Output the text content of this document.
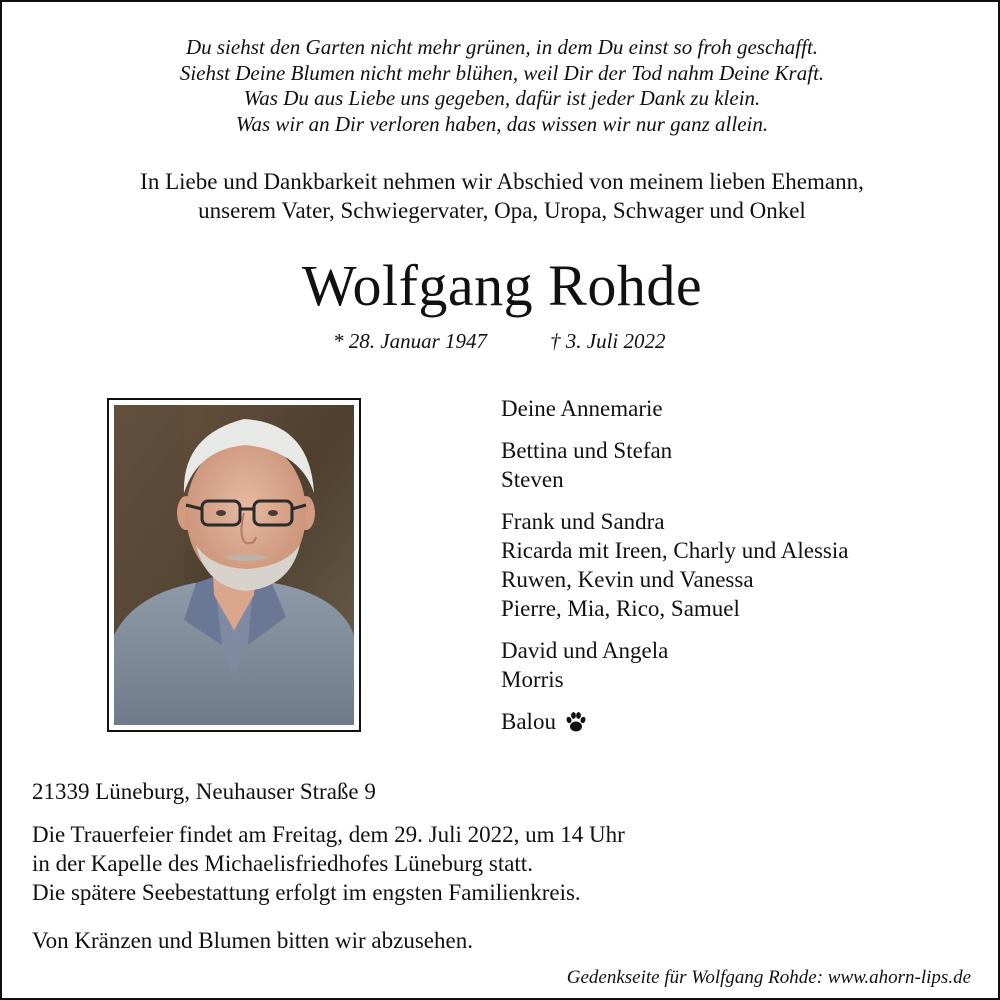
Du siehst den Garten nicht mehr grünen, in dem Du einst so froh geschafft.
Siehst Deine Blumen nicht mehr blühen, weil Dir der Tod nahm Deine Kraft.
Was Du aus Liebe uns gegeben, dafür ist jeder Dank zu klein.
Was wir an Dir verloren haben, das wissen wir nur ganz allein.
In Liebe und Dankbarkeit nehmen wir Abschied von meinem lieben Ehemann,
unserem Vater, Schwiegervater, Opa, Uropa, Schwager und Onkel
Wolfgang Rohde
* 28. Januar 1947	† 3. Juli 2022
Deine Annemarie
Bettina und Stefan
Steven
Frank und Sandra
Ricarda mit Ireen, Charly und Alessia
Ruwen, Kevin und Vanessa
Pierre, Mia, Rico, Samuel
David und Angela
Morris
Balou
21339 Lüneburg, Neuhauser Straße 9
Die Trauerfeier findet am Freitag, dem 29. Juli 2022, um 14 Uhr
in der Kapelle des Michaelisfriedhofes Lüneburg statt.
Die spätere Seebestattung erfolgt im engsten Familienkreis.
Von Kränzen und Blumen bitten wir abzusehen.
Gedenkseite für Wolfgang Rohde: www.ahorn-lips.de
